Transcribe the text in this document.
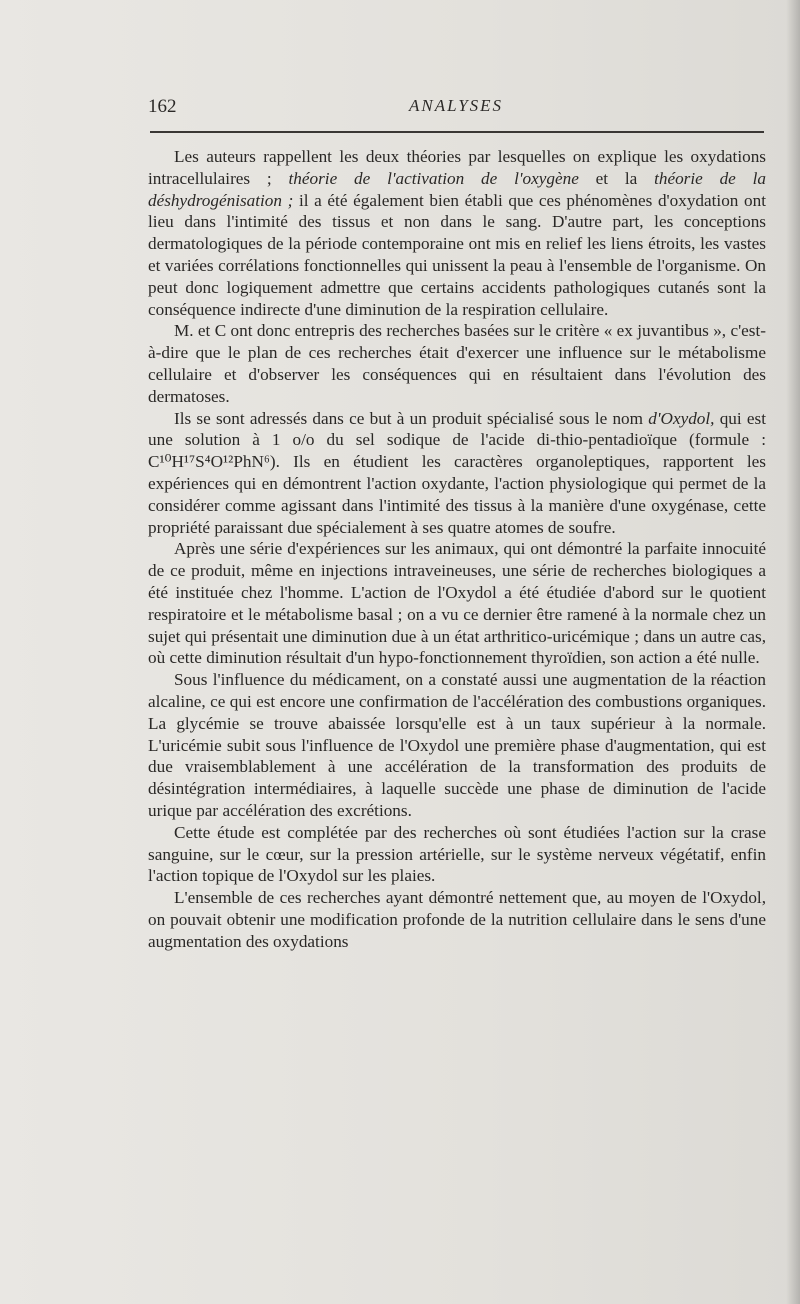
162	ANALYSES

Les auteurs rappellent les deux théories par lesquelles on explique les oxydations intracellulaires ; théorie de l'activation de l'oxygène et la théorie de la déshydrogénisation ; il a été également bien établi que ces phénomènes d'oxydation ont lieu dans l'intimité des tissus et non dans le sang. D'autre part, les conceptions dermatologiques de la période contemporaine ont mis en relief les liens étroits, les vastes et variées corrélations fonctionnelles qui unissent la peau à l'ensemble de l'organisme. On peut donc logiquement admettre que certains accidents pathologiques cutanés sont la conséquence indirecte d'une diminution de la respiration cellulaire.

M. et C ont donc entrepris des recherches basées sur le critère « ex juvantibus », c'est-à-dire que le plan de ces recherches était d'exercer une influence sur le métabolisme cellulaire et d'observer les conséquences qui en résultaient dans l'évolution des dermatoses.

Ils se sont adressés dans ce but à un produit spécialisé sous le nom d'Oxydol, qui est une solution à 1 o/o du sel sodique de l'acide di-thio-pentadioïque (formule : C¹⁰H¹⁷S⁴O¹²PhN⁶). Ils en étudient les caractères organoleptiques, rapportent les expériences qui en démontrent l'action oxydante, l'action physiologique qui permet de la considérer comme agissant dans l'intimité des tissus à la manière d'une oxygénase, cette propriété paraissant due spécialement à ses quatre atomes de soufre.

Après une série d'expériences sur les animaux, qui ont démontré la parfaite innocuité de ce produit, même en injections intraveineuses, une série de recherches biologiques a été instituée chez l'homme. L'action de l'Oxydol a été étudiée d'abord sur le quotient respiratoire et le métabolisme basal ; on a vu ce dernier être ramené à la normale chez un sujet qui présentait une diminution due à un état arthritico-uricémique ; dans un autre cas, où cette diminution résultait d'un hypo-fonctionnement thyroïdien, son action a été nulle.

Sous l'influence du médicament, on a constaté aussi une augmentation de la réaction alcaline, ce qui est encore une confirmation de l'accélération des combustions organiques. La glycémie se trouve abaissée lorsqu'elle est à un taux supérieur à la normale. L'uricémie subit sous l'influence de l'Oxydol une première phase d'augmentation, qui est due vraisemblablement à une accélération de la transformation des produits de désintégration intermédiaires, à laquelle succède une phase de diminution de l'acide urique par accélération des excrétions.

Cette étude est complétée par des recherches où sont étudiées l'action sur la crase sanguine, sur le cœur, sur la pression artérielle, sur le système nerveux végétatif, enfin l'action topique de l'Oxydol sur les plaies.

L'ensemble de ces recherches ayant démontré nettement que, au moyen de l'Oxydol, on pouvait obtenir une modification profonde de la nutrition cellulaire dans le sens d'une augmentation des oxydations
